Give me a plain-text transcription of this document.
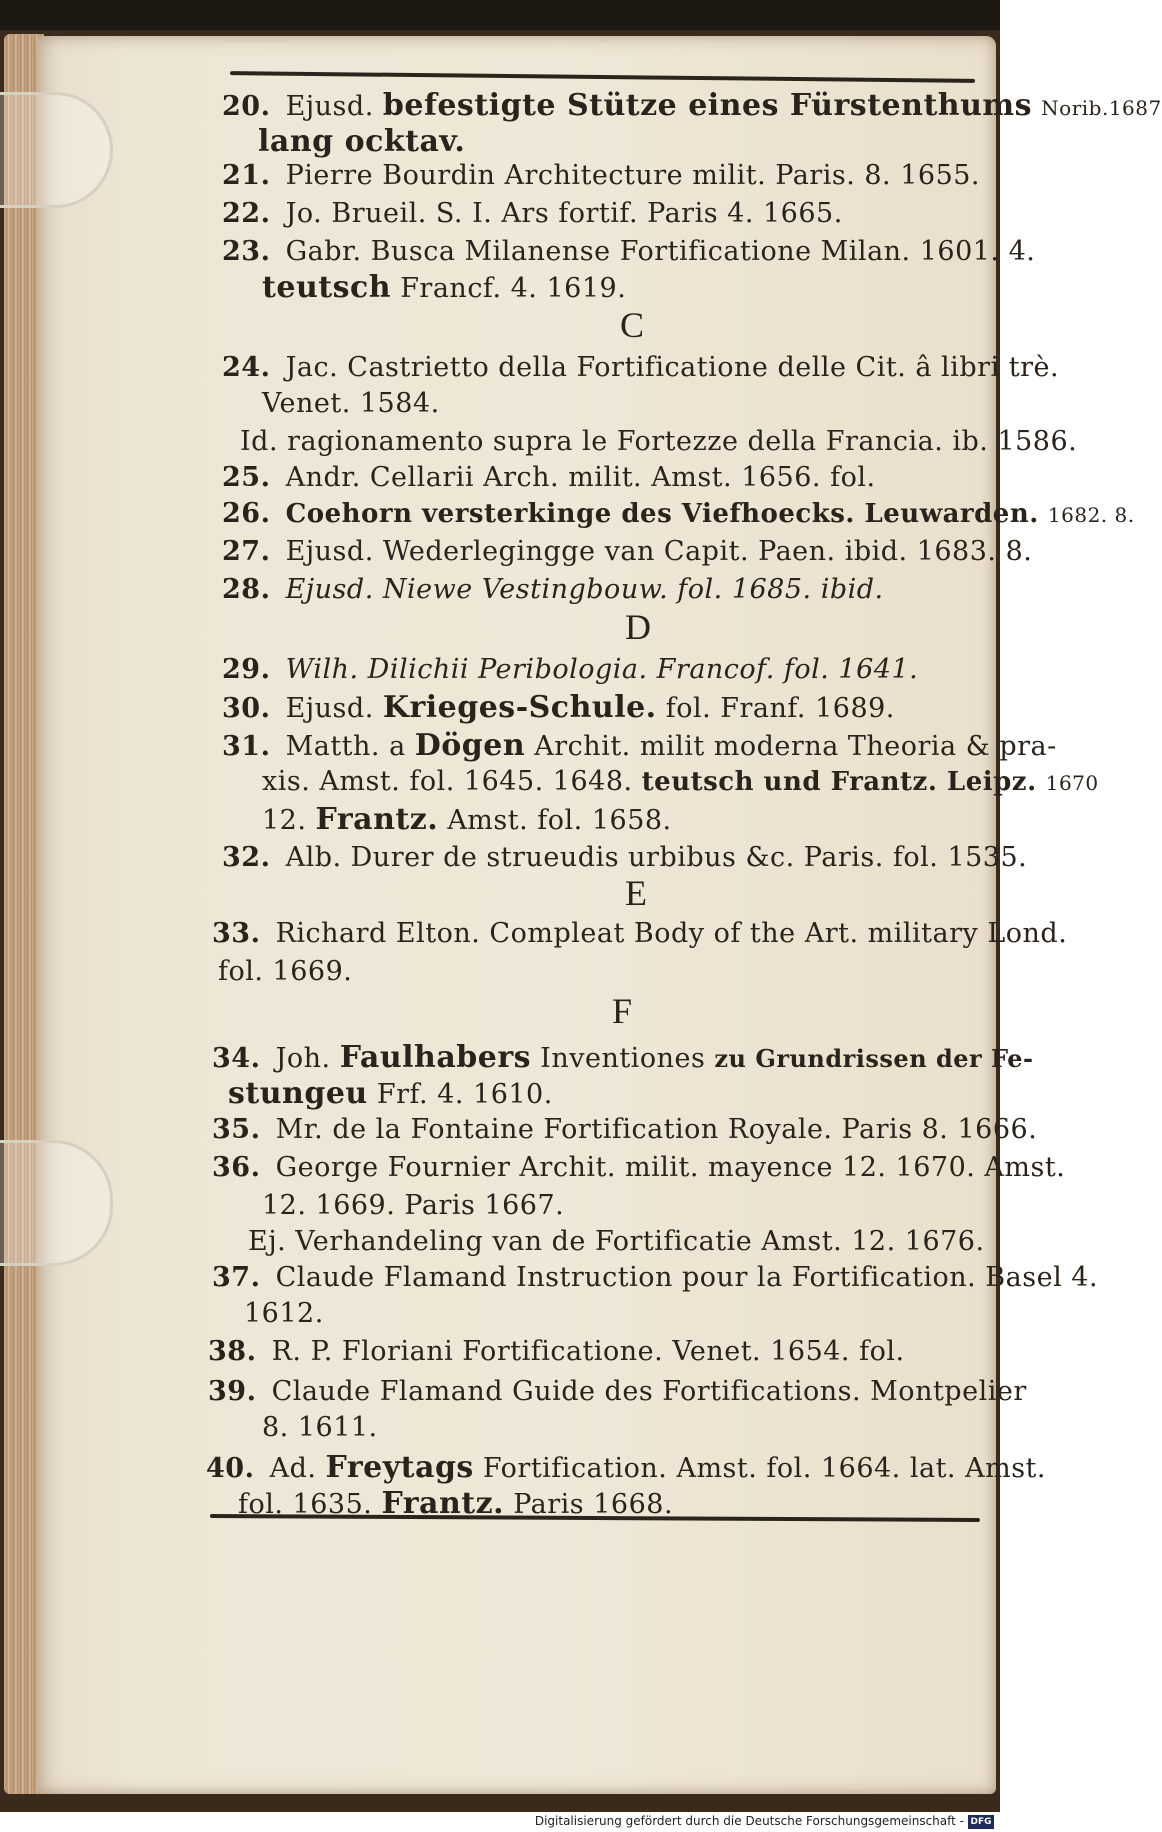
20. Ejusd. befestigte Stütze eines Fürstenthums Norib.1687
lang ocktav.
21. Pierre Bourdin Architecture milit. Paris. 8. 1655.
22. Jo. Brueil. S. I. Ars fortif. Paris 4. 1665.
23. Gabr. Busca Milanense Fortificatione Milan. 1601. 4.
teutsch Francf. 4. 1619.
C
24. Jac. Castrietto della Fortificatione delle Cit. â libri trè.
Venet. 1584.
Id. ragionamento supra le Fortezze della Francia. ib. 1586.
25. Andr. Cellarii Arch. milit. Amst. 1656. fol.
26. Coehorn versterkinge des Viefhoecks. Leuwarden. 1682. 8.
27. Ejusd. Wederlegingge van Capit. Paen. ibid. 1683. 8.
28. Ejusd. Niewe Vestingbouw. fol. 1685. ibid.
D
29. Wilh. Dilichii Peribologia. Francof. fol. 1641.
30. Ejusd. Krieges-Schule. fol. Franf. 1689.
31. Matth. a Dögen Archit. milit moderna Theoria & pra-
xis. Amst. fol. 1645. 1648. teutsch und Frantz. Leipz. 1670
12. Frantz. Amst. fol. 1658.
32. Alb. Durer de strueudis urbibus &c. Paris. fol. 1535.
E
33. Richard Elton. Compleat Body of the Art. military Lond.
fol. 1669.
F
34. Joh. Faulhabers Inventiones zu Grundrissen der Fe-
stungeu Frf. 4. 1610.
35. Mr. de la Fontaine Fortification Royale. Paris 8. 1666.
36. George Fournier Archit. milit. mayence 12. 1670. Amst.
12. 1669. Paris 1667.
Ej. Verhandeling van de Fortificatie Amst. 12. 1676.
37. Claude Flamand Instruction pour la Fortification. Basel 4.
1612.
38. R. P. Floriani Fortificatione. Venet. 1654. fol.
39. Claude Flamand Guide des Fortifications. Montpelier
8. 1611.
40. Ad. Freytags Fortification. Amst. fol. 1664. lat. Amst.
fol. 1635. Frantz. Paris 1668.
Digitalisierung gefördert durch die Deutsche Forschungsgemeinschaft - DFG
